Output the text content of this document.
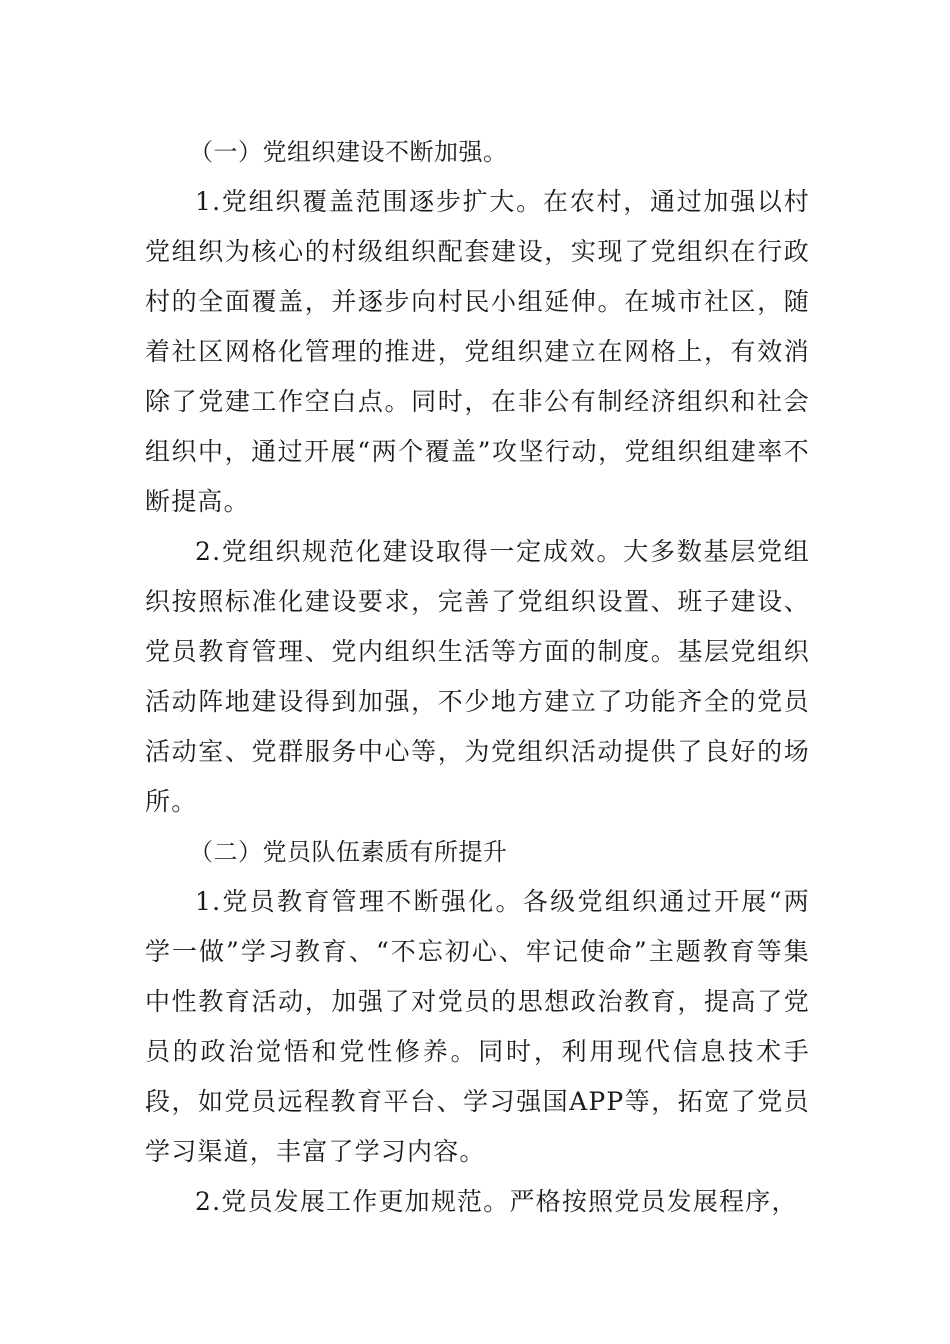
（一）党组织建设不断加强。

1.党组织覆盖范围逐步扩大。在农村，通过加强以村党组织为核心的村级组织配套建设，实现了党组织在行政村的全面覆盖，并逐步向村民小组延伸。在城市社区，随着社区网格化管理的推进，党组织建立在网格上，有效消除了党建工作空白点。同时，在非公有制经济组织和社会组织中，通过开展“两个覆盖”攻坚行动，党组织组建率不断提高。

2.党组织规范化建设取得一定成效。大多数基层党组织按照标准化建设要求，完善了党组织设置、班子建设、党员教育管理、党内组织生活等方面的制度。基层党组织活动阵地建设得到加强，不少地方建立了功能齐全的党员活动室、党群服务中心等，为党组织活动提供了良好的场所。

（二）党员队伍素质有所提升

1.党员教育管理不断强化。各级党组织通过开展“两学一做”学习教育、“不忘初心、牢记使命”主题教育等集中性教育活动，加强了对党员的思想政治教育，提高了党员的政治觉悟和党性修养。同时，利用现代信息技术手段，如党员远程教育平台、学习强国APP等，拓宽了党员学习渠道，丰富了学习内容。

2.党员发展工作更加规范。严格按照党员发展程序，
